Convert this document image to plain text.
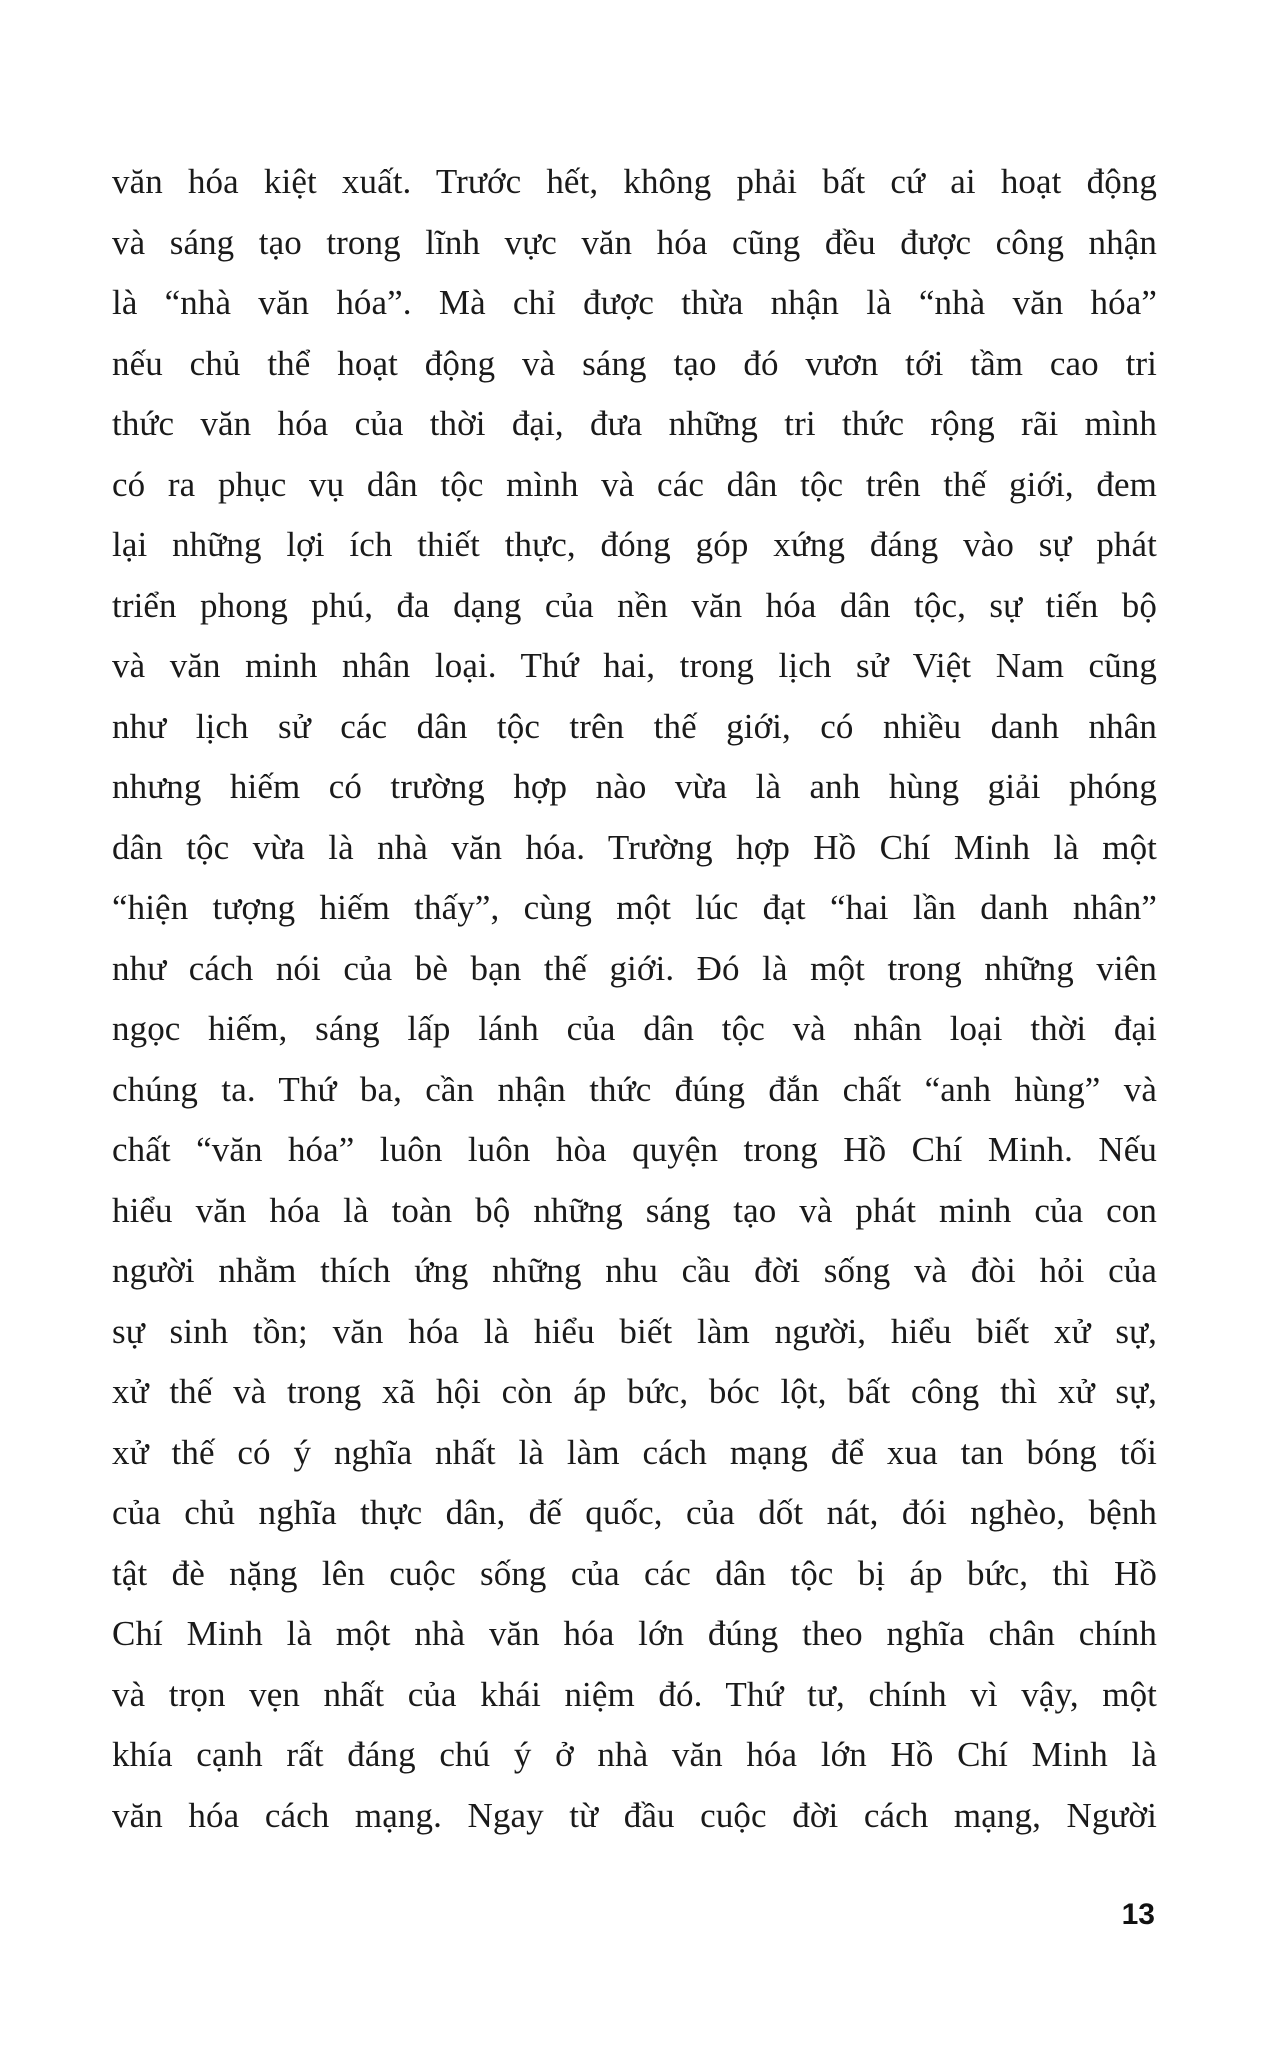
văn hóa kiệt xuất. Trước hết, không phải bất cứ ai hoạt động
và sáng tạo trong lĩnh vực văn hóa cũng đều được công nhận
là “nhà văn hóa”. Mà chỉ được thừa nhận là “nhà văn hóa”
nếu chủ thể hoạt động và sáng tạo đó vươn tới tầm cao tri
thức văn hóa của thời đại, đưa những tri thức rộng rãi mình
có ra phục vụ dân tộc mình và các dân tộc trên thế giới, đem
lại những lợi ích thiết thực, đóng góp xứng đáng vào sự phát
triển phong phú, đa dạng của nền văn hóa dân tộc, sự tiến bộ
và văn minh nhân loại. Thứ hai, trong lịch sử Việt Nam cũng
như lịch sử các dân tộc trên thế giới, có nhiều danh nhân
nhưng hiếm có trường hợp nào vừa là anh hùng giải phóng
dân tộc vừa là nhà văn hóa. Trường hợp Hồ Chí Minh là một
“hiện tượng hiếm thấy”, cùng một lúc đạt “hai lần danh nhân”
như cách nói của bè bạn thế giới. Đó là một trong những viên
ngọc hiếm, sáng lấp lánh của dân tộc và nhân loại thời đại
chúng ta. Thứ ba, cần nhận thức đúng đắn chất “anh hùng” và
chất “văn hóa” luôn luôn hòa quyện trong Hồ Chí Minh. Nếu
hiểu văn hóa là toàn bộ những sáng tạo và phát minh của con
người nhằm thích ứng những nhu cầu đời sống và đòi hỏi của
sự sinh tồn; văn hóa là hiểu biết làm người, hiểu biết xử sự,
xử thế và trong xã hội còn áp bức, bóc lột, bất công thì xử sự,
xử thế có ý nghĩa nhất là làm cách mạng để xua tan bóng tối
của chủ nghĩa thực dân, đế quốc, của dốt nát, đói nghèo, bệnh
tật đè nặng lên cuộc sống của các dân tộc bị áp bức, thì Hồ
Chí Minh là một nhà văn hóa lớn đúng theo nghĩa chân chính
và trọn vẹn nhất của khái niệm đó. Thứ tư, chính vì vậy, một
khía cạnh rất đáng chú ý ở nhà văn hóa lớn Hồ Chí Minh là
văn hóa cách mạng. Ngay từ đầu cuộc đời cách mạng, Người
13
